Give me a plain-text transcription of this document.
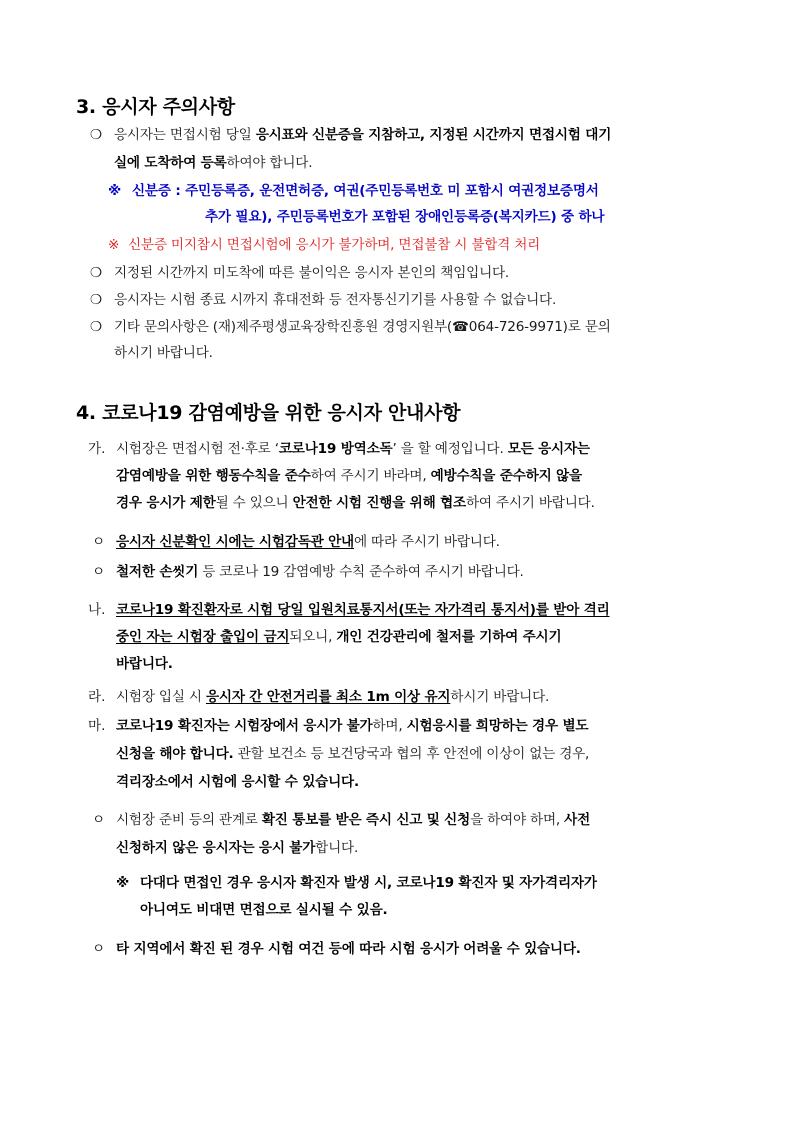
3. 응시자 주의사항
❍ 응시자는 면접시험 당일 응시표와 신분증을 지참하고, 지정된 시간까지 면접시험 대기
실에 도착하여 등록하여야 합니다.
※ 신분증 : 주민등록증, 운전면허증, 여권(주민등록번호 미 포함시 여권정보증명서
추가 필요), 주민등록번호가 포함된 장애인등록증(복지카드) 중 하나
※ 신분증 미지참시 면접시험에 응시가 불가하며, 면접불참 시 불합격 처리
❍ 지정된 시간까지 미도착에 따른 불이익은 응시자 본인의 책임입니다.
❍ 응시자는 시험 종료 시까지 휴대전화 등 전자통신기기를 사용할 수 없습니다.
❍ 기타 문의사항은 (재)제주평생교육장학진흥원 경영지원부(☎064-726-9971)로 문의
하시기 바랍니다.
4. 코로나19 감염예방을 위한 응시자 안내사항
가. 시험장은 면접시험 전·후로 ‘코로나19 방역소독’ 을 할 예정입니다. 모든 응시자는
감염예방을 위한 행동수칙을 준수하여 주시기 바라며, 예방수칙을 준수하지 않을
경우 응시가 제한될 수 있으니 안전한 시험 진행을 위해 협조하여 주시기 바랍니다.
ㅇ 응시자 신분확인 시에는 시험감독관 안내에 따라 주시기 바랍니다.
ㅇ 철저한 손씻기 등 코로나 19 감염예방 수칙 준수하여 주시기 바랍니다.
나. 코로나19 확진환자로 시험 당일 입원치료통지서(또는 자가격리 통지서)를 받아 격리
중인 자는 시험장 출입이 금지되오니, 개인 건강관리에 철저를 기하여 주시기
바랍니다.
라. 시험장 입실 시 응시자 간 안전거리를 최소 1m 이상 유지하시기 바랍니다.
마. 코로나19 확진자는 시험장에서 응시가 불가하며, 시험응시를 희망하는 경우 별도
신청을 해야 합니다. 관할 보건소 등 보건당국과 협의 후 안전에 이상이 없는 경우,
격리장소에서 시험에 응시할 수 있습니다.
ㅇ 시험장 준비 등의 관계로 확진 통보를 받은 즉시 신고 및 신청을 하여야 하며, 사전
신청하지 않은 응시자는 응시 불가합니다.
※ 다대다 면접인 경우 응시자 확진자 발생 시, 코로나19 확진자 및 자가격리자가
아니여도 비대면 면접으로 실시될 수 있음.
ㅇ 타 지역에서 확진 된 경우 시험 여건 등에 따라 시험 응시가 어려울 수 있습니다.
